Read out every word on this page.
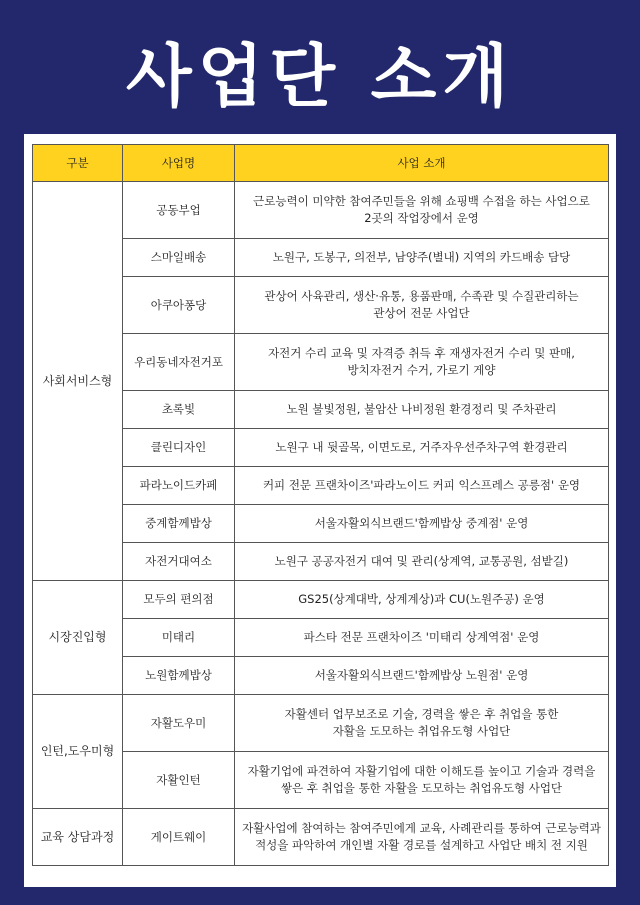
사업단 소개
구분	사업명	사업 소개
사회서비스형	공동부업	근로능력이 미약한 참여주민들을 위해 쇼핑백 수접을 하는 사업으로
2곳의 작업장에서 운영

	스마일배송	노원구, 도봉구, 의전부, 남양주(별내) 지역의 카드배송 담당

	아쿠아퐁당	관상어 사육관리, 생산·유통, 용품판매, 수족관 및 수질관리하는
관상어 전문 사업단

	우리동네자전거포	자전거 수리 교육 및 자격증 취득 후 재생자전거 수리 및 판매,
방치자전거 수거, 가로기 게양

	초록빛	노원 불빛정원, 불암산 나비정원 환경정리 및 주차관리

	클린디자인	노원구 내 뒷골목, 이면도로, 거주자우선주차구역 환경관리

	파라노이드카페	커피 전문 프랜차이즈'파라노이드 커피 익스프레스 공릉점' 운영

	중계함께밥상	서울자활외식브랜드'함께밥상 중계점' 운영

	자전거대여소	노원구 공공자전거 대여 및 관리(상계역, 교통공원, 섬밭길)

시장진입형	모두의 편의점	GS25(상계대박, 상계계상)과 CU(노원주공) 운영

	미태리	파스타 전문 프랜차이즈 '미태리 상계역점' 운영

	노원함께밥상	서울자활외식브랜드'함께밥상 노원점' 운영

인턴,도우미형	자활도우미	자활센터 업무보조로 기술, 경력을 쌓은 후 취업을 통한
자활을 도모하는 취업유도형 사업단

	자활인턴	자활기업에 파견하여 자활기업에 대한 이해도를 높이고 기술과 경력을
쌓은 후 취업을 통한 자활을 도모하는 취업유도형 사업단

교육 상담과정	게이트웨이	자활사업에 참여하는 참여주민에게 교육, 사례관리를 통하여 근로능력과
적성을 파악하여 개인별 자활 경로를 설계하고 사업단 배치 전 지원
